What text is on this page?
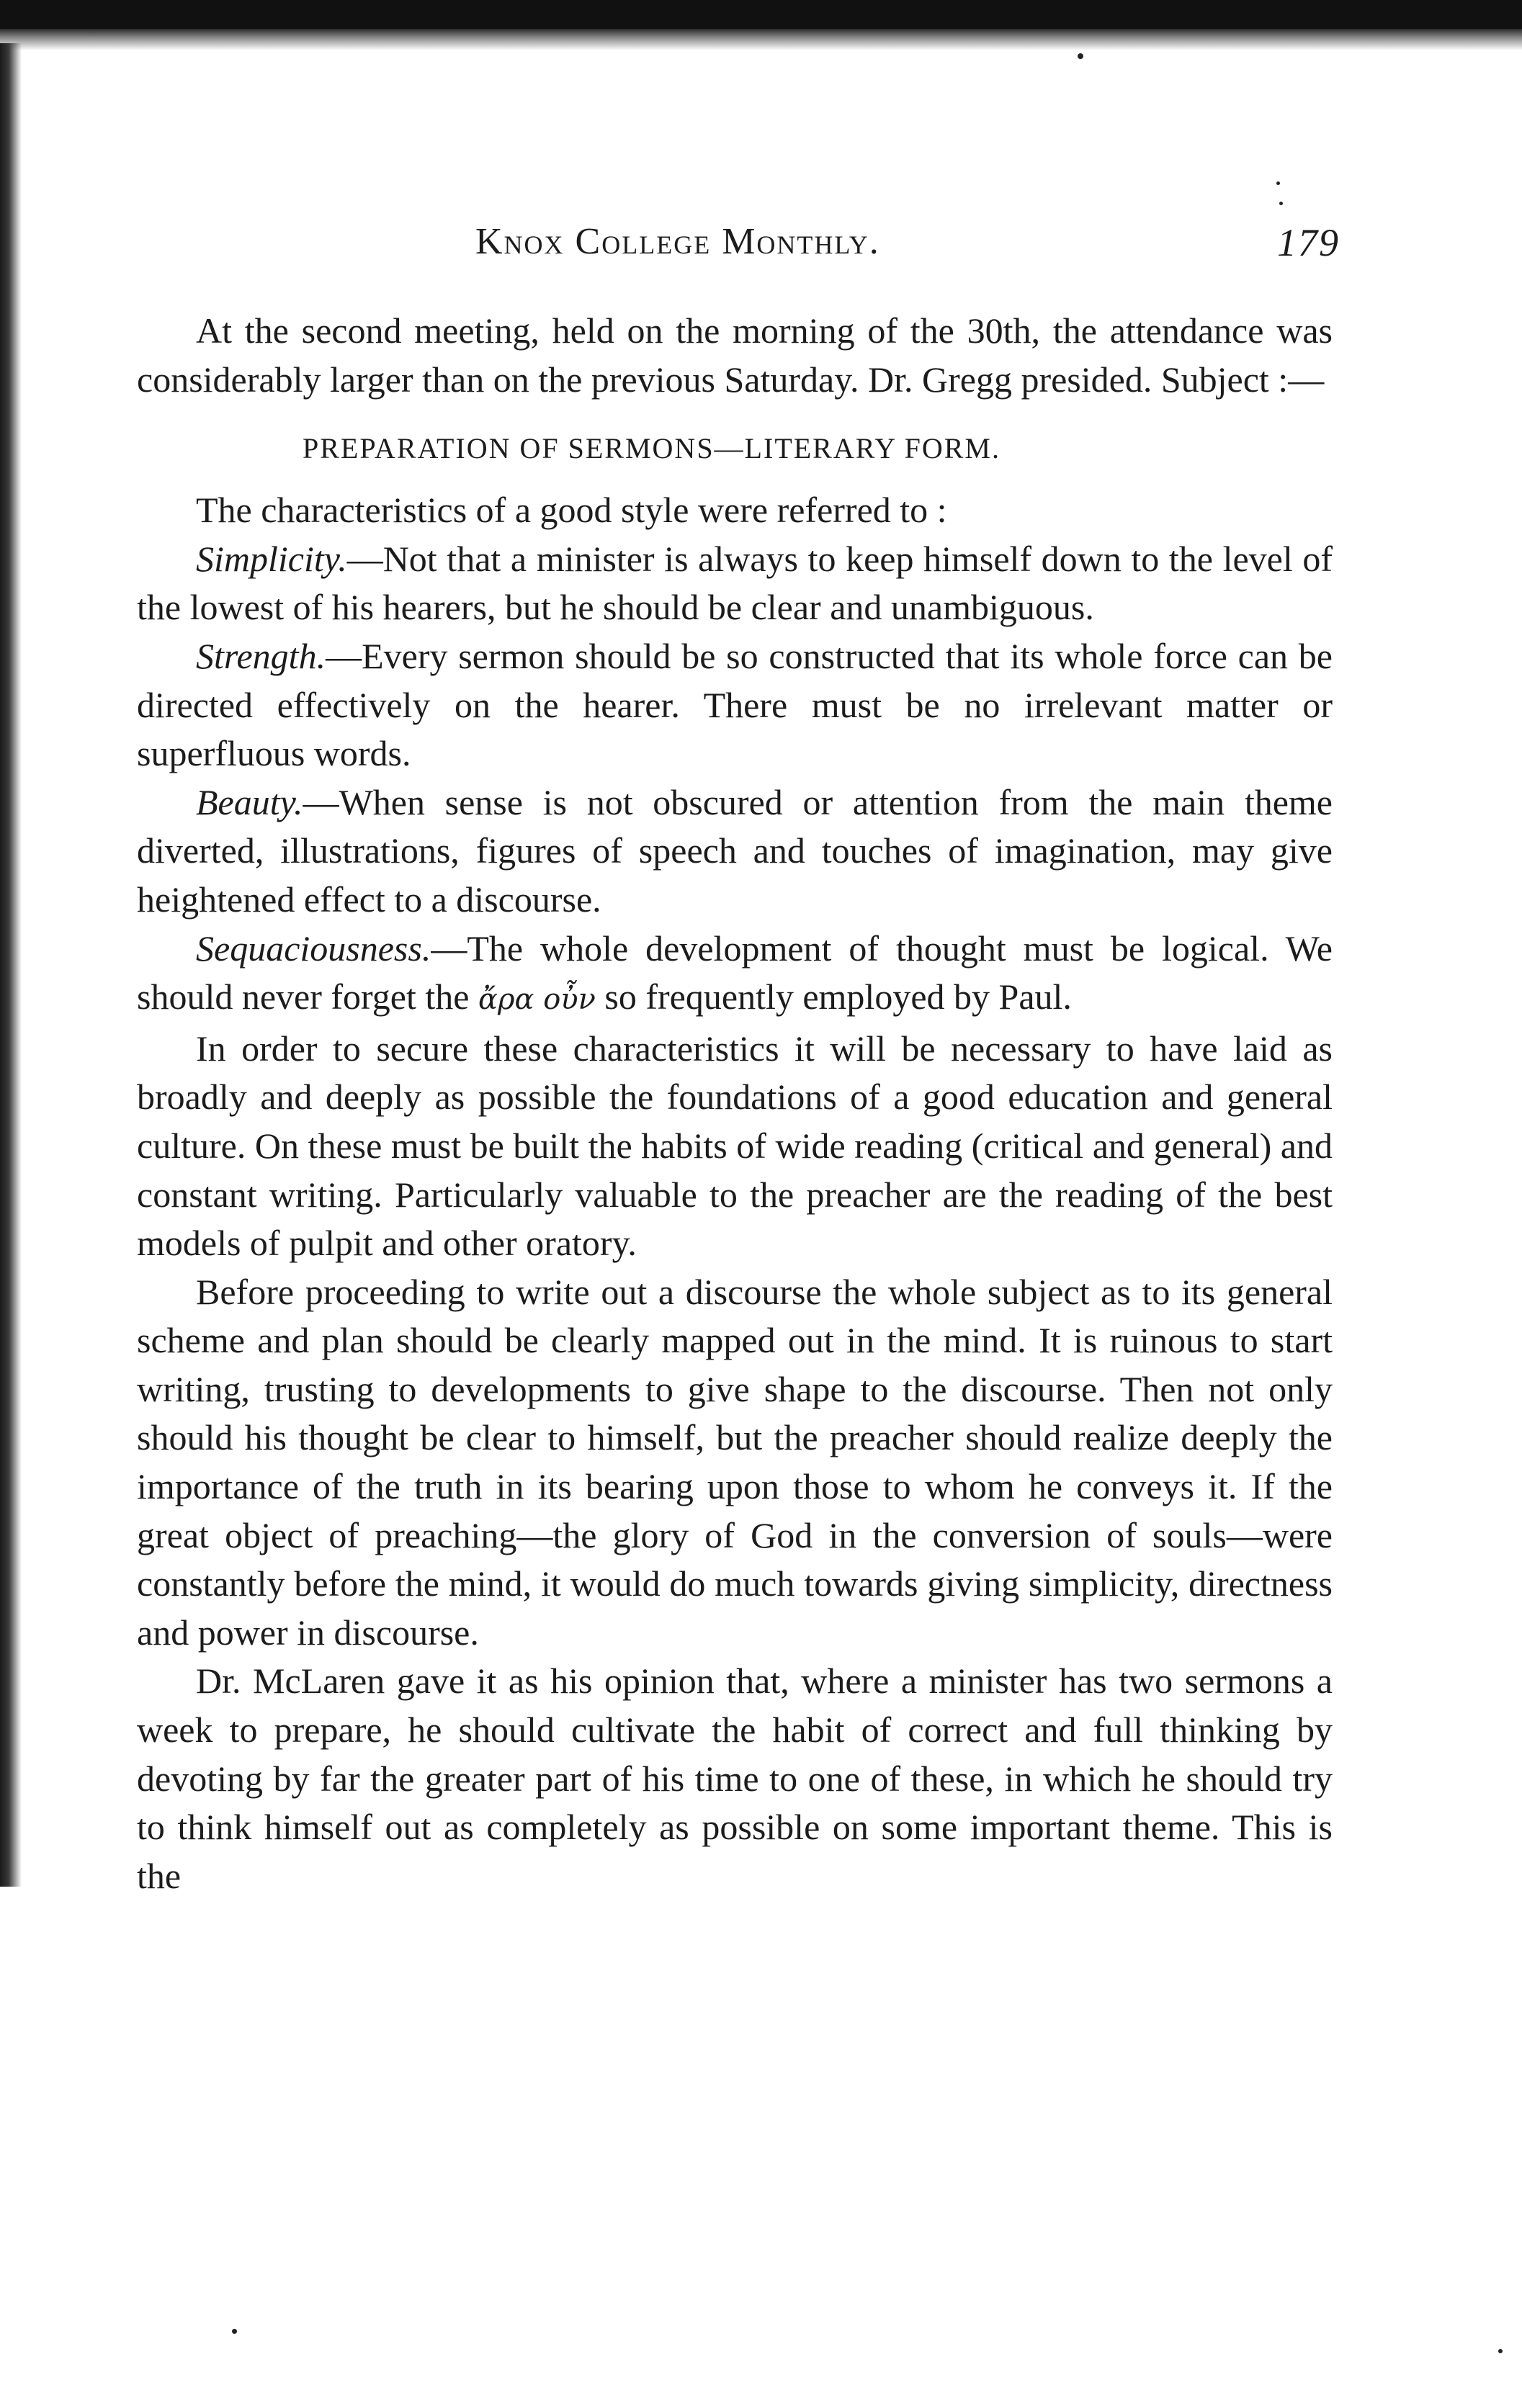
Knox College Monthly.	179

At the second meeting, held on the morning of the 30th, the attendance was considerably larger than on the previous Saturday. Dr. Gregg presided. Subject :—

PREPARATION OF SERMONS—LITERARY FORM.

The characteristics of a good style were referred to :

Simplicity.—Not that a minister is always to keep himself down to the level of the lowest of his hearers, but he should be clear and unambiguous.

Strength.—Every sermon should be so constructed that its whole force can be directed effectively on the hearer. There must be no irrelevant matter or superfluous words.

Beauty.—When sense is not obscured or attention from the main theme diverted, illustrations, figures of speech and touches of imagination, may give heightened effect to a discourse.

Sequaciousness.—The whole development of thought must be logical. We should never forget the ἄρα οὖν so frequently employed by Paul.

In order to secure these characteristics it will be necessary to have laid as broadly and deeply as possible the foundations of a good education and general culture. On these must be built the habits of wide reading (critical and general) and constant writing. Particularly valuable to the preacher are the reading of the best models of pulpit and other oratory.

Before proceeding to write out a discourse the whole subject as to its general scheme and plan should be clearly mapped out in the mind. It is ruinous to start writing, trusting to developments to give shape to the discourse. Then not only should his thought be clear to himself, but the preacher should realize deeply the importance of the truth in its bearing upon those to whom he conveys it. If the great object of preaching—the glory of God in the conversion of souls—were constantly before the mind, it would do much towards giving simplicity, directness and power in discourse.

Dr. McLaren gave it as his opinion that, where a minister has two sermons a week to prepare, he should cultivate the habit of correct and full thinking by devoting by far the greater part of his time to one of these, in which he should try to think himself out as completely as possible on some important theme. This is the
